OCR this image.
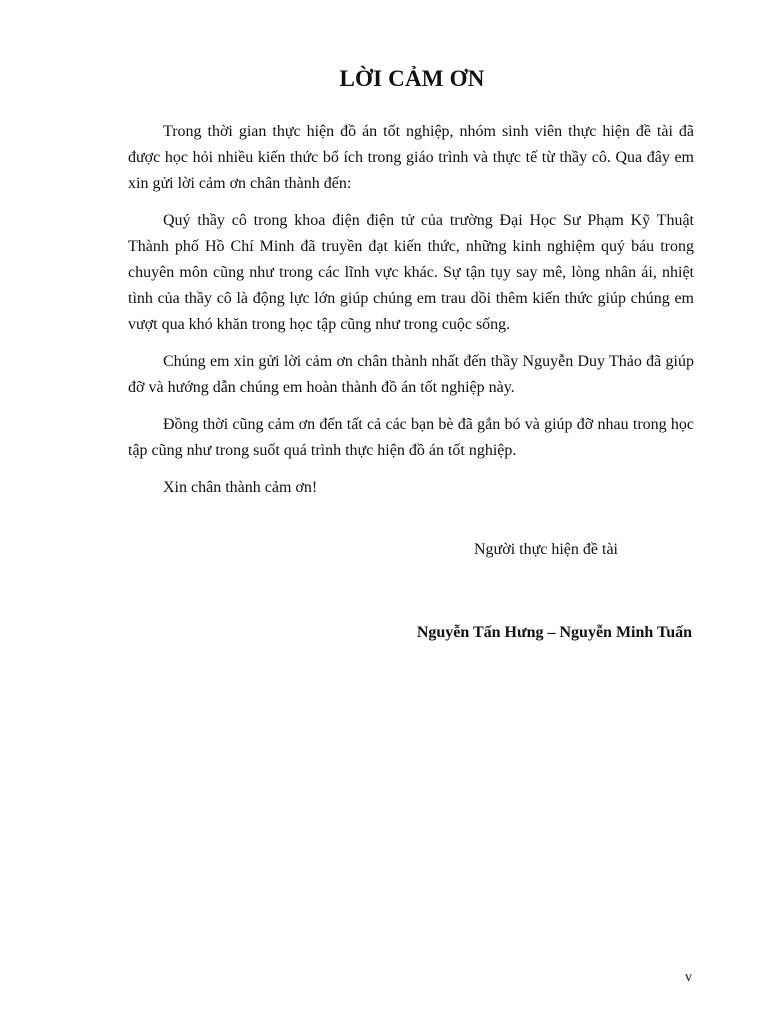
LỜI CẢM ƠN

Trong thời gian thực hiện đồ án tốt nghiệp, nhóm sinh viên thực hiện đề tài đã được học hỏi nhiều kiến thức bổ ích trong giáo trình và thực tế từ thầy cô. Qua đây em xin gửi lời cảm ơn chân thành đến:

Quý thầy cô trong khoa điện điện tử của trường Đại Học Sư Phạm Kỹ Thuật Thành phố Hồ Chí Minh đã truyền đạt kiến thức, những kinh nghiệm quý báu trong chuyên môn cũng như trong các lĩnh vực khác. Sự tận tụy say mê, lòng nhân ái, nhiệt tình của thầy cô là động lực lớn giúp chúng em trau dồi thêm kiến thức giúp chúng em vượt qua khó khăn trong học tập cũng như trong cuộc sống.

Chúng em xin gửi lời cảm ơn chân thành nhất đến thầy Nguyễn Duy Thảo đã giúp đỡ và hướng dẫn chúng em hoàn thành đồ án tốt nghiệp này.

Đồng thời cũng cảm ơn đến tất cả các bạn bè đã gắn bó và giúp đỡ nhau trong học tập cũng như trong suốt quá trình thực hiện đồ án tốt nghiệp.

Xin chân thành cảm ơn!

Người thực hiện đề tài

Nguyễn Tấn Hưng – Nguyễn Minh Tuấn

v
